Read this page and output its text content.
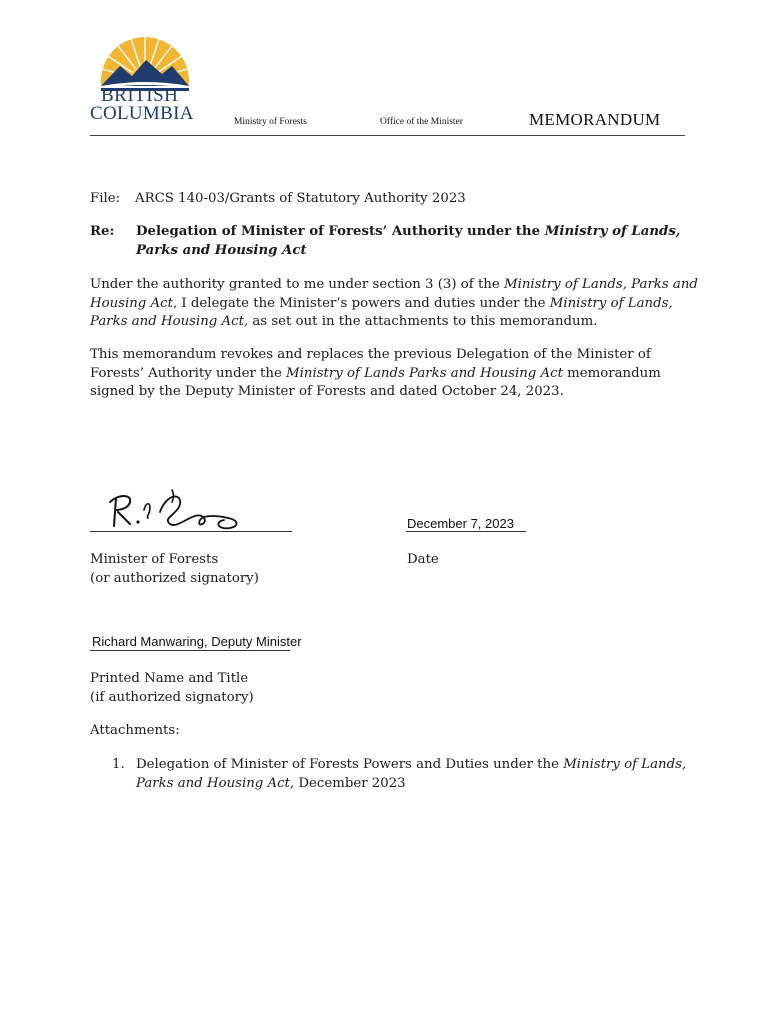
BRITISH
COLUMBIA	Ministry of Forests	Office of the Minister	MEMORANDUM
File: ARCS 140-03/Grants of Statutory Authority 2023
Re: Delegation of Minister of Forests’ Authority under the Ministry of Lands,
Parks and Housing Act
Under the authority granted to me under section 3 (3) of the Ministry of Lands, Parks and
Housing Act, I delegate the Minister’s powers and duties under the Ministry of Lands,
Parks and Housing Act, as set out in the attachments to this memorandum.
This memorandum revokes and replaces the previous Delegation of the Minister of
Forests’ Authority under the Ministry of Lands Parks and Housing Act memorandum
signed by the Deputy Minister of Forests and dated October 24, 2023.
December 7, 2023
Minister of Forests
(or authorized signatory)
Date
Richard Manwaring, Deputy Minister
Printed Name and Title
(if authorized signatory)
Attachments:
1. Delegation of Minister of Forests Powers and Duties under the Ministry of Lands,
Parks and Housing Act, December 2023
